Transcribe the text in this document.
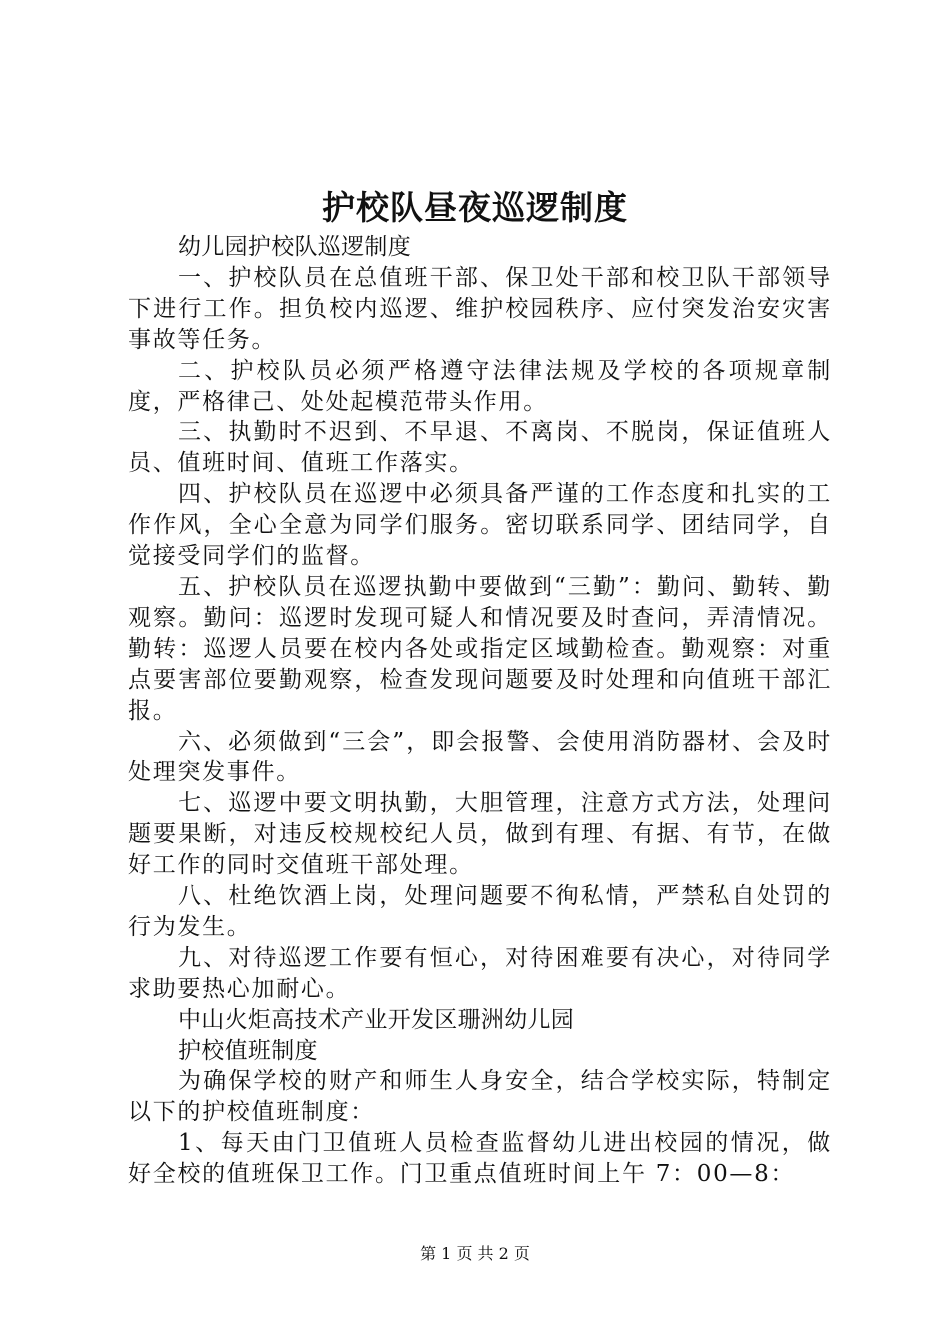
护校队昼夜巡逻制度

幼儿园护校队巡逻制度

一、护校队员在总值班干部、保卫处干部和校卫队干部领导下进行工作。担负校内巡逻、维护校园秩序、应付突发治安灾害事故等任务。

二、护校队员必须严格遵守法律法规及学校的各项规章制度，严格律己、处处起模范带头作用。

三、执勤时不迟到、不早退、不离岗、不脱岗，保证值班人员、值班时间、值班工作落实。

四、护校队员在巡逻中必须具备严谨的工作态度和扎实的工作作风，全心全意为同学们服务。密切联系同学、团结同学，自觉接受同学们的监督。

五、护校队员在巡逻执勤中要做到“三勤”：勤问、勤转、勤观察。勤问：巡逻时发现可疑人和情况要及时查问，弄清情况。勤转：巡逻人员要在校内各处或指定区域勤检查。勤观察：对重点要害部位要勤观察，检查发现问题要及时处理和向值班干部汇报。

六、必须做到“三会”，即会报警、会使用消防器材、会及时处理突发事件。

七、巡逻中要文明执勤，大胆管理，注意方式方法，处理问题要果断，对违反校规校纪人员，做到有理、有据、有节，在做好工作的同时交值班干部处理。

八、杜绝饮酒上岗，处理问题要不徇私情，严禁私自处罚的行为发生。

九、对待巡逻工作要有恒心，对待困难要有决心，对待同学求助要热心加耐心。

中山火炬高技术产业开发区珊洲幼儿园

护校值班制度

为确保学校的财产和师生人身安全，结合学校实际，特制定以下的护校值班制度：

1、每天由门卫值班人员检查监督幼儿进出校园的情况，做好全校的值班保卫工作。门卫重点值班时间上午 7：00—8：

第 1 页 共 2 页
